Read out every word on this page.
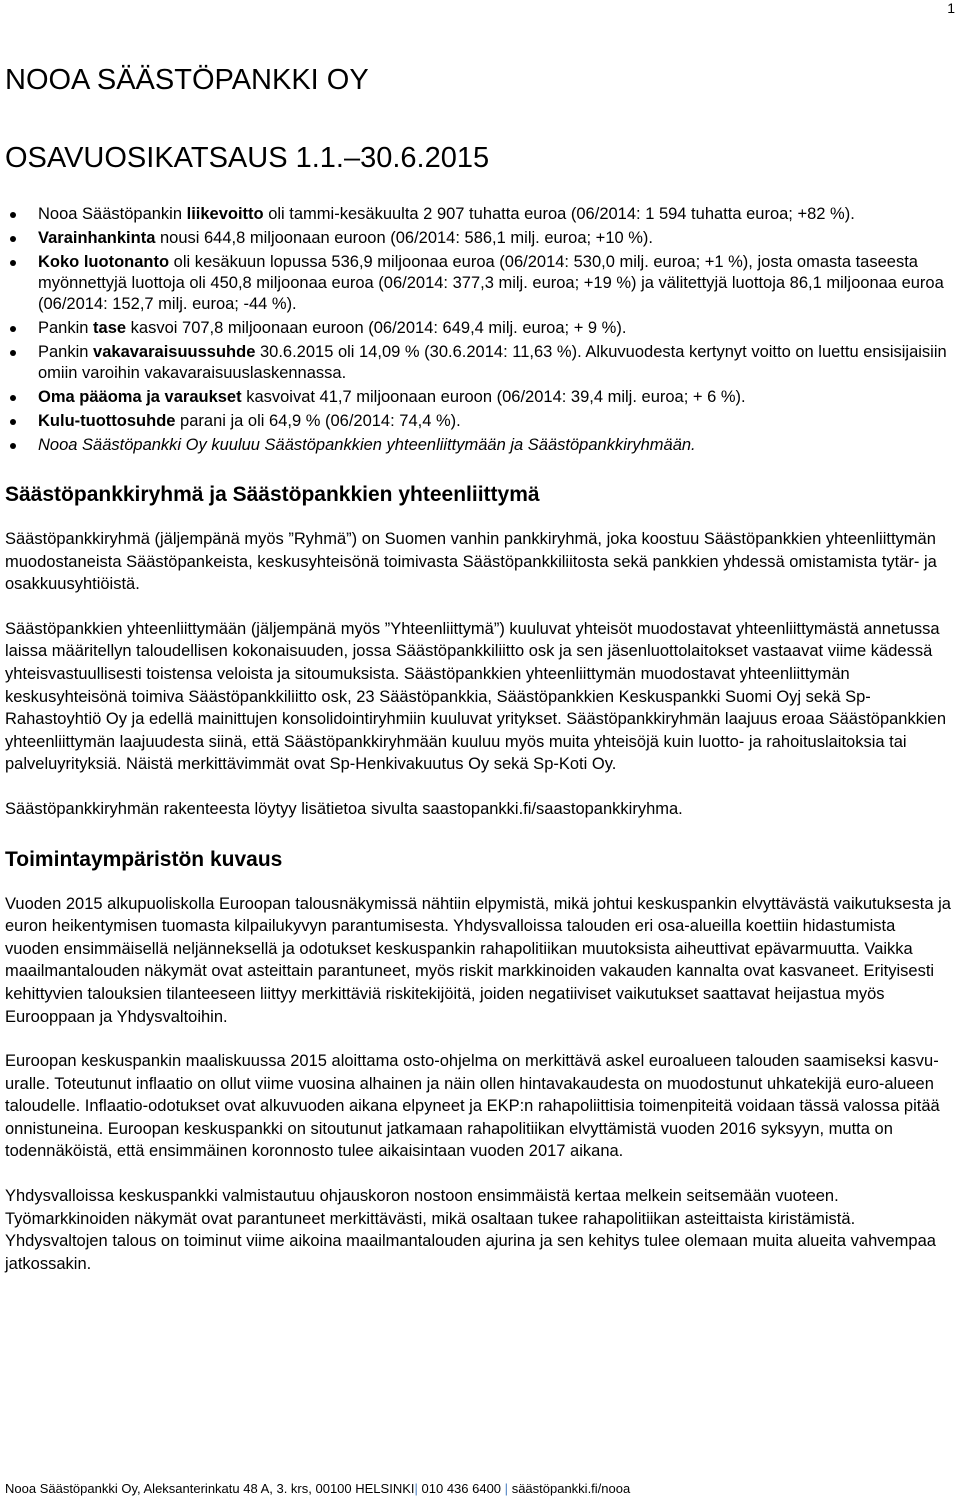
1
NOOA SÄÄSTÖPANKKI OY
OSAVUOSIKATSAUS 1.1.–30.6.2015
Nooa Säästöpankin liikevoitto oli tammi-kesäkuulta 2 907 tuhatta euroa (06/2014: 1 594 tuhatta euroa; +82 %).
Varainhankinta nousi 644,8 miljoonaan euroon (06/2014: 586,1 milj. euroa; +10 %).
Koko luotonanto oli kesäkuun lopussa 536,9 miljoonaa euroa (06/2014: 530,0 milj. euroa; +1 %), josta omasta taseesta myönnettyjä luottoja oli 450,8 miljoonaa euroa (06/2014: 377,3 milj. euroa; +19 %) ja välitettyjä luottoja 86,1 miljoonaa euroa (06/2014: 152,7 milj. euroa; -44 %).
Pankin tase kasvoi 707,8 miljoonaan euroon (06/2014: 649,4 milj. euroa; + 9 %).
Pankin vakavaraisuussuhde 30.6.2015 oli 14,09 % (30.6.2014: 11,63 %). Alkuvuodesta kertynyt voitto on luettu ensisijaisiin omiin varoihin vakavaraisuuslaskennassa.
Oma pääoma ja varaukset kasvoivat 41,7 miljoonaan euroon (06/2014: 39,4 milj. euroa; + 6 %).
Kulu-tuottosuhde parani ja oli 64,9 % (06/2014: 74,4 %).
Nooa Säästöpankki Oy kuuluu Säästöpankkien yhteenliittymään ja Säästöpankkiryhmään.
Säästöpankkiryhmä ja Säästöpankkien yhteenliittymä

Säästöpankkiryhmä (jäljempänä myös ”Ryhmä”) on Suomen vanhin pankkiryhmä, joka koostuu Säästöpankkien yhteenliittymän muodostaneista Säästöpankeista, keskusyhteisönä toimivasta Säästöpankkiliitosta sekä pankkien yhdessä omistamista tytär- ja osakkuusyhtiöistä.

Säästöpankkien yhteenliittymään (jäljempänä myös ”Yhteenliittymä”) kuuluvat yhteisöt muodostavat yhteenliittymästä annetussa laissa määritellyn taloudellisen kokonaisuuden, jossa Säästöpankkiliitto osk ja sen jäsenluottolaitokset vastaavat viime kädessä yhteisvastuullisesti toistensa veloista ja sitoumuksista. Säästöpankkien yhteenliittymän muodostavat yhteenliittymän keskusyhteisönä toimiva Säästöpankkiliitto osk, 23 Säästöpankkia, Säästöpankkien Keskuspankki Suomi Oyj sekä Sp-Rahastoyhtiö Oy ja edellä mainittujen konsolidointiryhmiin kuuluvat yritykset. Säästöpankkiryhmän laajuus eroaa Säästöpankkien yhteenliittymän laajuudesta siinä, että Säästöpankkiryhmään kuuluu myös muita yhteisöjä kuin luotto- ja rahoituslaitoksia tai palveluyrityksiä. Näistä merkittävimmät ovat Sp-Henkivakuutus Oy sekä Sp-Koti Oy.

Säästöpankkiryhmän rakenteesta löytyy lisätietoa sivulta saastopankki.fi/saastopankkiryhma.

Toimintaympäristön kuvaus

Vuoden 2015 alkupuoliskolla Euroopan talousnäkymissä nähtiin elpymistä, mikä johtui keskuspankin elvyttävästä vaikutuksesta ja euron heikentymisen tuomasta kilpailukyvyn parantumisesta. Yhdysvalloissa talouden eri osa-alueilla koettiin hidastumista vuoden ensimmäisellä neljänneksellä ja odotukset keskuspankin rahapolitiikan muutoksista aiheuttivat epävarmuutta. Vaikka maailmantalouden näkymät ovat asteittain parantuneet, myös riskit markkinoiden vakauden kannalta ovat kasvaneet. Erityisesti kehittyvien talouksien tilanteeseen liittyy merkittäviä riskitekijöitä, joiden negatiiviset vaikutukset saattavat heijastua myös Eurooppaan ja Yhdysvaltoihin.

Euroopan keskuspankin maaliskuussa 2015 aloittama osto-ohjelma on merkittävä askel euroalueen talouden saamiseksi kasvu-uralle. Toteutunut inflaatio on ollut viime vuosina alhainen ja näin ollen hintavakaudesta on muodostunut uhkatekijä euro-alueen taloudelle. Inflaatio-odotukset ovat alkuvuoden aikana elpyneet ja EKP:n rahapoliittisia toimenpiteitä voidaan tässä valossa pitää onnistuneina. Euroopan keskuspankki on sitoutunut jatkamaan rahapolitiikan elvyttämistä vuoden 2016 syksyyn, mutta on todennäköistä, että ensimmäinen koronnosto tulee aikaisintaan vuoden 2017 aikana.

Yhdysvalloissa keskuspankki valmistautuu ohjauskoron nostoon ensimmäistä kertaa melkein seitsemään vuoteen. Työmarkkinoiden näkymät ovat parantuneet merkittävästi, mikä osaltaan tukee rahapolitiikan asteittaista kiristämistä. Yhdysvaltojen talous on toiminut viime aikoina maailmantalouden ajurina ja sen kehitys tulee olemaan muita alueita vahvempaa jatkossakin.

Nooa Säästöpankki Oy, Aleksanterinkatu 48 A, 3. krs, 00100 HELSINKI| 010 436 6400 | säästöpankki.fi/nooa
